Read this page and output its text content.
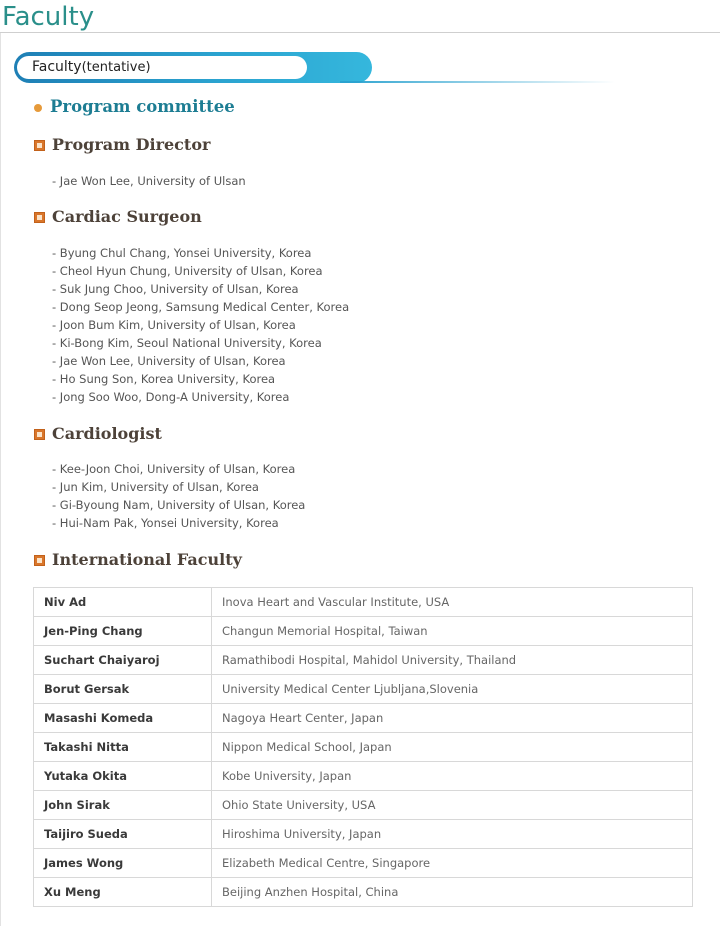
Faculty
Faculty(tentative)
Program committee
Program Director
- Jae Won Lee, University of Ulsan
Cardiac Surgeon
- Byung Chul Chang, Yonsei University, Korea
- Cheol Hyun Chung, University of Ulsan, Korea
- Suk Jung Choo, University of Ulsan, Korea
- Dong Seop Jeong, Samsung Medical Center, Korea
- Joon Bum Kim, University of Ulsan, Korea
- Ki-Bong Kim, Seoul National University, Korea
- Jae Won Lee, University of Ulsan, Korea
- Ho Sung Son, Korea University, Korea
- Jong Soo Woo, Dong-A University, Korea
Cardiologist
- Kee-Joon Choi, University of Ulsan, Korea
- Jun Kim, University of Ulsan, Korea
- Gi-Byoung Nam, University of Ulsan, Korea
- Hui-Nam Pak, Yonsei University, Korea
International Faculty
Niv Ad	Inova Heart and Vascular Institute, USA
Jen-Ping Chang	Changun Memorial Hospital, Taiwan
Suchart Chaiyaroj	Ramathibodi Hospital, Mahidol University, Thailand
Borut Gersak	University Medical Center Ljubljana,Slovenia
Masashi Komeda	Nagoya Heart Center, Japan
Takashi Nitta	Nippon Medical School, Japan
Yutaka Okita	Kobe University, Japan
John Sirak	Ohio State University, USA
Taijiro Sueda	Hiroshima University, Japan
James Wong	Elizabeth Medical Centre, Singapore
Xu Meng	Beijing Anzhen Hospital, China
